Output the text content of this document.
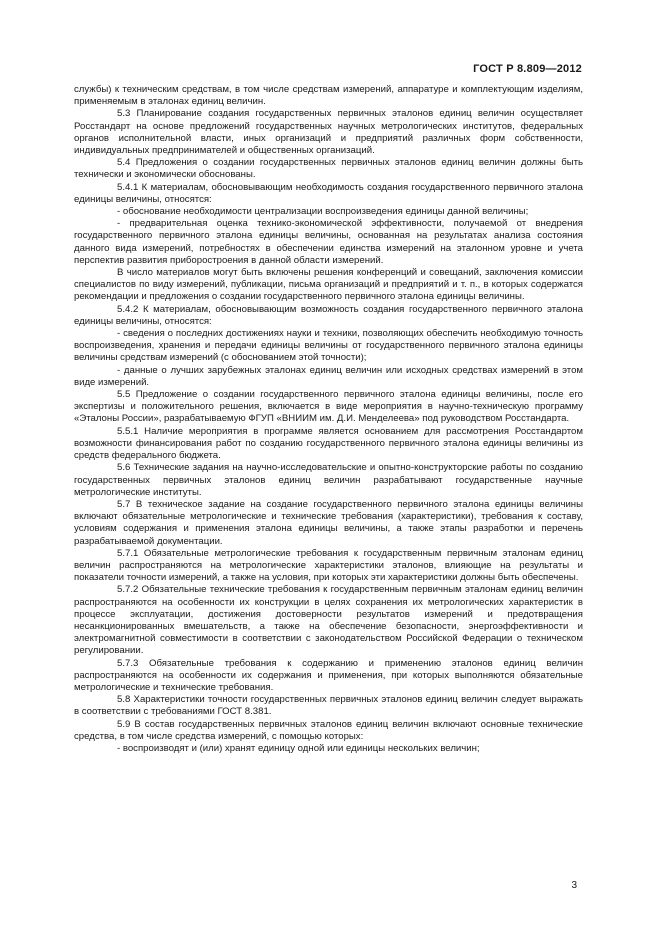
ГОСТ Р 8.809—2012

службы) к техническим средствам, в том числе средствам измерений, аппаратуре и комплектующим изделиям, применяемым в эталонах единиц величин.

5.3 Планирование создания государственных первичных эталонов единиц величин осуществляет Росстандарт на основе предложений государственных научных метрологических институтов, федеральных органов исполнительной власти, иных организаций и предприятий различных форм собственности, индивидуальных предпринимателей и общественных организаций.

5.4 Предложения о создании государственных первичных эталонов единиц величин должны быть технически и экономически обоснованы.

5.4.1 К материалам, обосновывающим необходимость создания государственного первичного эталона единицы величины, относятся:

- обоснование необходимости централизации воспроизведения единицы данной величины;

- предварительная оценка технико-экономической эффективности, получаемой от внедрения государственного первичного эталона единицы величины, основанная на результатах анализа состояния данного вида измерений, потребностях в обеспечении единства измерений на эталонном уровне и учета перспектив развития приборостроения в данной области измерений.

В число материалов могут быть включены решения конференций и совещаний, заключения комиссии специалистов по виду измерений, публикации, письма организаций и предприятий и т. п., в которых содержатся рекомендации и предложения о создании государственного первичного эталона единицы величины.

5.4.2 К материалам, обосновывающим возможность создания государственного первичного эталона единицы величины, относятся:

- сведения о последних достижениях науки и техники, позволяющих обеспечить необходимую точность воспроизведения, хранения и передачи единицы величины от государственного первичного эталона единицы величины средствам измерений (с обоснованием этой точности);

- данные о лучших зарубежных эталонах единиц величин или исходных средствах измерений в этом виде измерений.

5.5 Предложение о создании государственного первичного эталона единицы величины, после его экспертизы и положительного решения, включается в виде мероприятия в научно-техническую программу «Эталоны России», разрабатываемую ФГУП «ВНИИМ им. Д.И. Менделеева» под руководством Росстандарта.

5.5.1 Наличие мероприятия в программе является основанием для рассмотрения Росстандартом возможности финансирования работ по созданию государственного первичного эталона единицы величины из средств федерального бюджета.

5.6 Технические задания на научно-исследовательские и опытно-конструкторские работы по созданию государственных первичных эталонов единиц величин разрабатывают государственные научные метрологические институты.

5.7 В техническое задание на создание государственного первичного эталона единицы величины включают обязательные метрологические и технические требования (характеристики), требования к составу, условиям содержания и применения эталона единицы величины, а также этапы разработки и перечень разрабатываемой документации.

5.7.1 Обязательные метрологические требования к государственным первичным эталонам единиц величин распространяются на метрологические характеристики эталонов, влияющие на результаты и показатели точности измерений, а также на условия, при которых эти характеристики должны быть обеспечены.

5.7.2 Обязательные технические требования к государственным первичным эталонам единиц величин распространяются на особенности их конструкции в целях сохранения их метрологических характеристик в процессе эксплуатации, достижения достоверности результатов измерений и предотвращения несанкционированных вмешательств, а также на обеспечение безопасности, энергоэффективности и электромагнитной совместимости в соответствии с законодательством Российской Федерации о техническом регулировании.

5.7.3 Обязательные требования к содержанию и применению эталонов единиц величин распространяются на особенности их содержания и применения, при которых выполняются обязательные метрологические и технические требования.

5.8 Характеристики точности государственных первичных эталонов единиц величин следует выражать в соответствии с требованиями ГОСТ 8.381.

5.9 В состав государственных первичных эталонов единиц величин включают основные технические средства, в том числе средства измерений, с помощью которых:

- воспроизводят и (или) хранят единицу одной или единицы нескольких величин;

3
